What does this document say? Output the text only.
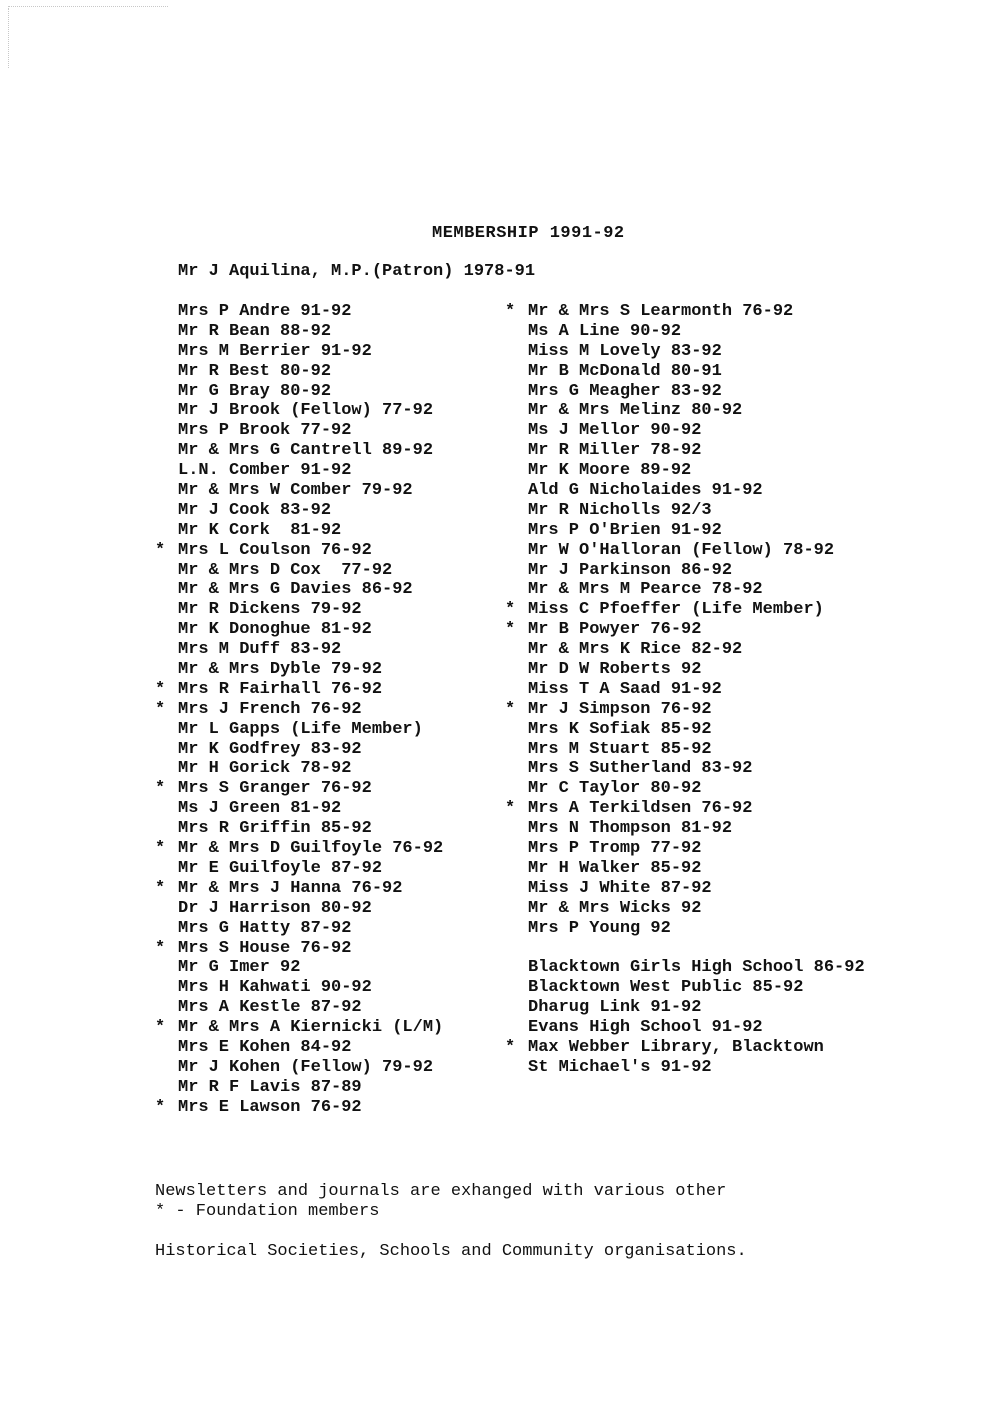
MEMBERSHIP 1991-92
Mr J Aquilina, M.P.(Patron) 1978-91
Mrs P Andre 91-92
Mr R Bean 88-92
Mrs M Berrier 91-92
Mr R Best 80-92
Mr G Bray 80-92
Mr J Brook (Fellow) 77-92
Mrs P Brook 77-92
Mr & Mrs G Cantrell 89-92
L.N. Comber 91-92
Mr & Mrs W Comber 79-92
Mr J Cook 83-92
Mr K Cork  81-92
* Mrs L Coulson 76-92
Mr & Mrs D Cox  77-92
Mr & Mrs G Davies 86-92
Mr R Dickens 79-92
Mr K Donoghue 81-92
Mrs M Duff 83-92
Mr & Mrs Dyble 79-92
* Mrs R Fairhall 76-92
* Mrs J French 76-92
Mr L Gapps (Life Member)
Mr K Godfrey 83-92
Mr H Gorick 78-92
* Mrs S Granger 76-92
Ms J Green 81-92
Mrs R Griffin 85-92
* Mr & Mrs D Guilfoyle 76-92
Mr E Guilfoyle 87-92
* Mr & Mrs J Hanna 76-92
Dr J Harrison 80-92
Mrs G Hatty 87-92
* Mrs S House 76-92
Mr G Imer 92
Mrs H Kahwati 90-92
Mrs A Kestle 87-92
* Mr & Mrs A Kiernicki (L/M)
Mrs E Kohen 84-92
Mr J Kohen (Fellow) 79-92
Mr R F Lavis 87-89
* Mrs E Lawson 76-92
* Mr & Mrs S Learmonth 76-92
Ms A Line 90-92
Miss M Lovely 83-92
Mr B McDonald 80-91
Mrs G Meagher 83-92
Mr & Mrs Melinz 80-92
Ms J Mellor 90-92
Mr R Miller 78-92
Mr K Moore 89-92
Ald G Nicholaides 91-92
Mr R Nicholls 92/3
Mrs P O'Brien 91-92
Mr W O'Halloran (Fellow) 78-92
Mr J Parkinson 86-92
Mr & Mrs M Pearce 78-92
* Miss C Pfoeffer (Life Member)
* Mr B Powyer 76-92
Mr & Mrs K Rice 82-92
Mr D W Roberts 92
Miss T A Saad 91-92
* Mr J Simpson 76-92
Mrs K Sofiak 85-92
Mrs M Stuart 85-92
Mrs S Sutherland 83-92
Mr C Taylor 80-92
* Mrs A Terkildsen 76-92
Mrs N Thompson 81-92
Mrs P Tromp 77-92
Mr H Walker 85-92
Miss J White 87-92
Mr & Mrs Wicks 92
Mrs P Young 92
Blacktown Girls High School 86-92
Blacktown West Public 85-92
Dharug Link 91-92
Evans High School 91-92
* Max Webber Library, Blacktown
St Michael's 91-92

Newsletters and journals are exhanged with various other

Historical Societies, Schools and Community organisations.

* - Foundation members
